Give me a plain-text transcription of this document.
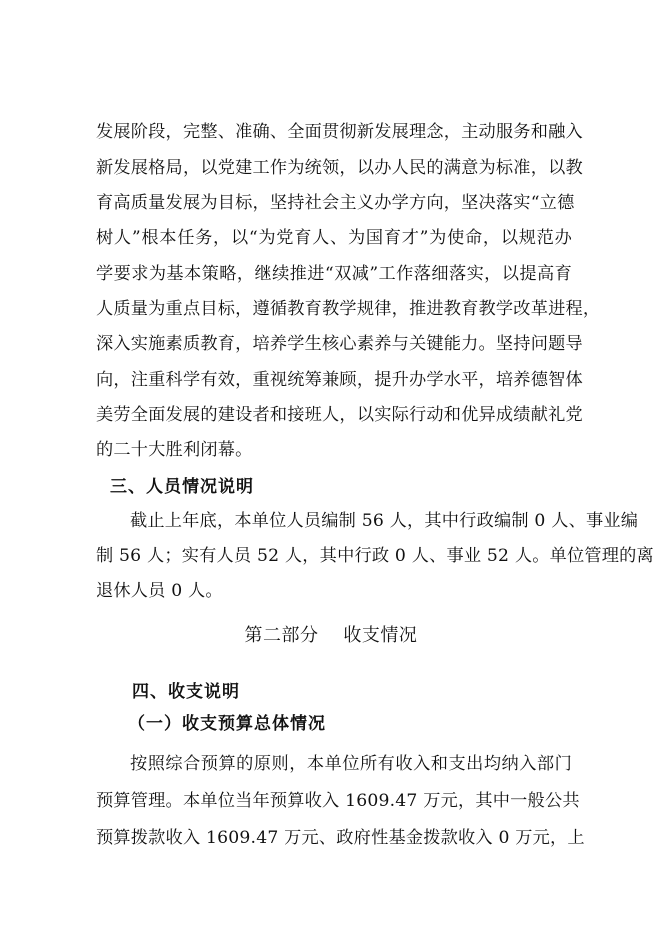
发展阶段，完整、准确、全面贯彻新发展理念，主动服务和融入
新发展格局，以党建工作为统领，以办人民的满意为标准，以教
育高质量发展为目标，坚持社会主义办学方向，坚决落实“立德
树人”根本任务，以“为党育人、为国育才”为使命，以规范办
学要求为基本策略，继续推进“双减”工作落细落实，以提高育
人质量为重点目标，遵循教育教学规律，推进教育教学改革进程，
深入实施素质教育，培养学生核心素养与关键能力。坚持问题导
向，注重科学有效，重视统筹兼顾，提升办学水平，培养德智体
美劳全面发展的建设者和接班人，以实际行动和优异成绩献礼党
的二十大胜利闭幕。
三、人员情况说明
截止上年底，本单位人员编制 56 人，其中行政编制 0 人、事业编
制 56 人；实有人员 52 人，其中行政 0 人、事业 52 人。单位管理的离
退休人员 0 人。
第二部分    收支情况
四、收支说明
（一）收支预算总体情况
按照综合预算的原则，本单位所有收入和支出均纳入部门
预算管理。本单位当年预算收入 1609.47 万元，其中一般公共
预算拨款收入 1609.47 万元、政府性基金拨款收入 0 万元，上
